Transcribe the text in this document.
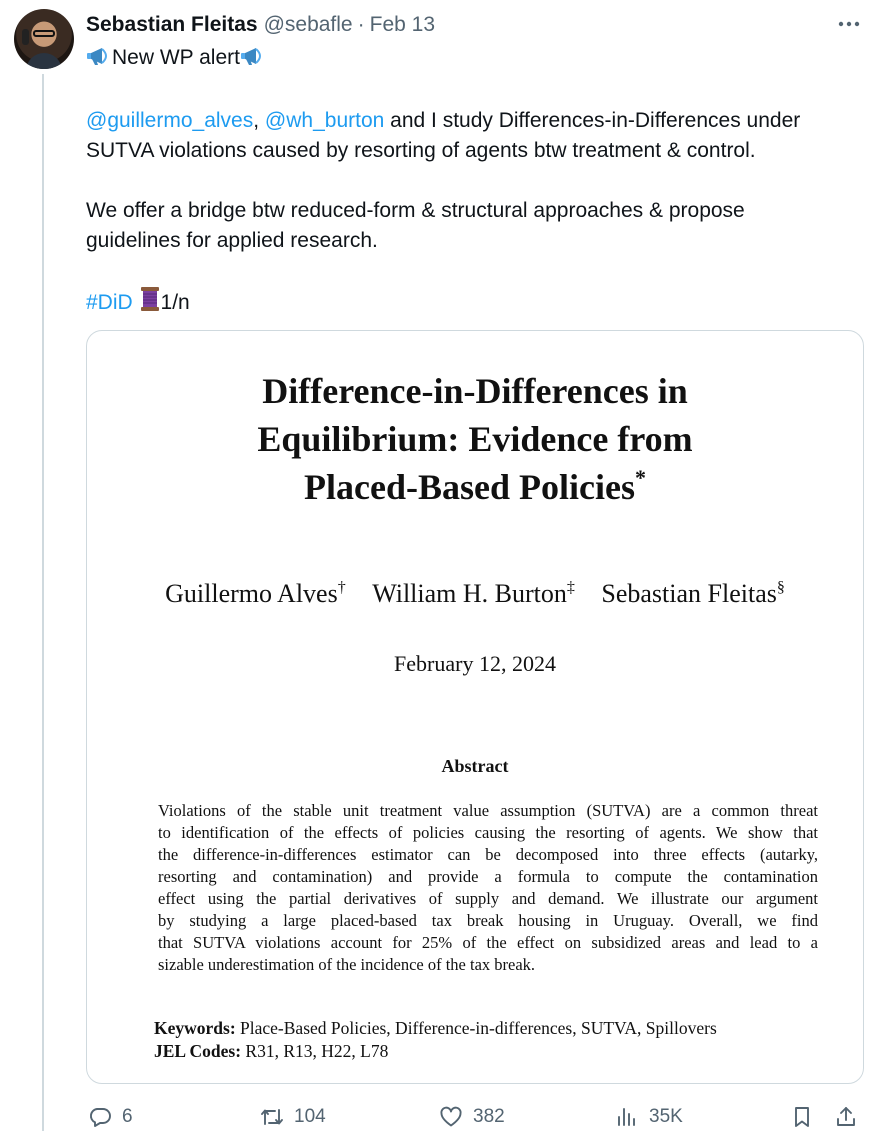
Sebastian Fleitas @sebafle · Feb 13

New WP alert

@guillermo_alves, @wh_burton and I study Differences-in-Differences under

SUTVA violations caused by resorting of agents btw treatment & control.

We offer a bridge btw reduced-form & structural approaches & propose

guidelines for applied research.

#DiD 1/n

Difference-in-Differences in
Equilibrium: Evidence from
Placed-Based Policies*
Guillermo Alves† William H. Burton‡ Sebastian Fleitas§
February 12, 2024
Abstract
Violations of the stable unit treatment value assumption (SUTVA) are a common threat
to identification of the effects of policies causing the resorting of agents. We show that
the difference-in-differences estimator can be decomposed into three effects (autarky,
resorting and contamination) and provide a formula to compute the contamination
effect using the partial derivatives of supply and demand. We illustrate our argument
by studying a large placed-based tax break housing in Uruguay. Overall, we find
that SUTVA violations account for 25% of the effect on subsidized areas and lead to a
sizable underestimation of the incidence of the tax break.
Keywords: Place-Based Policies, Difference-in-differences, SUTVA, Spillovers
JEL Codes: R31, R13, H22, L78
6	104	382	35K
